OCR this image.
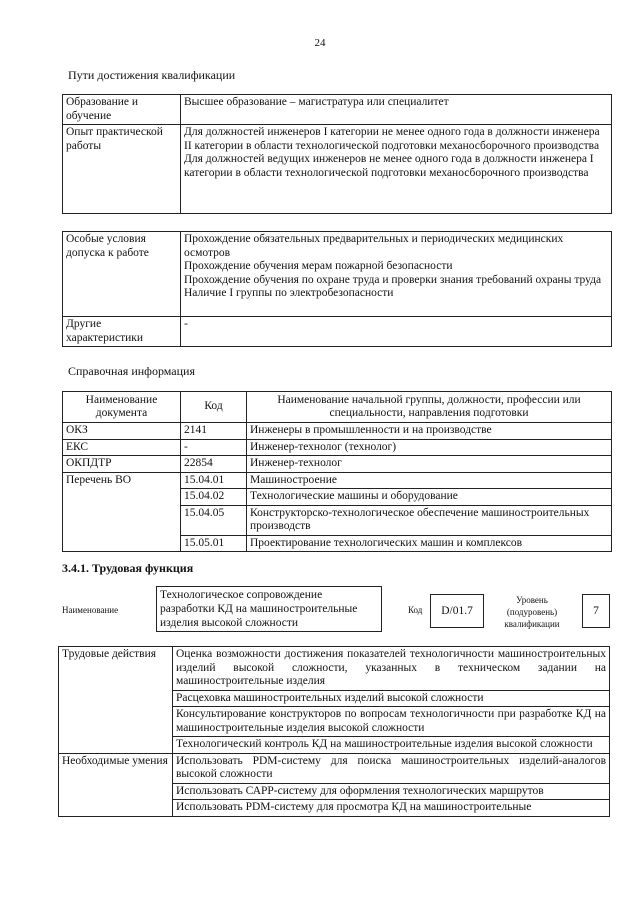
24
Пути достижения квалификации
Образование и обучение	Высшее образование – магистратура или специалитет

Опыт практической работы	Для должностей инженеров I категории не менее одного года в должности инженера II категории в области технологической подготовки механосборочного производства
Для должностей ведущих инженеров не менее одного года в должности инженера I категории в области технологической подготовки механосборочного производства
Особые условия допуска к работе	Прохождение обязательных предварительных и периодических медицинских осмотров
Прохождение обучения мерам пожарной безопасности
Прохождение обучения по охране труда и проверки знания требований охраны труда
Наличие I группы по электробезопасности

Другие характеристики	-
Справочная информация
Наименование документа	Код	Наименование начальной группы, должности, профессии или специальности, направления подготовки
ОКЗ	2141	Инженеры в промышленности и на производстве
ЕКС	-	Инженер-технолог (технолог)
ОКПДТР	22854	Инженер-технолог
Перечень ВО	15.04.01	Машиностроение
	15.04.02	Технологические машины и оборудование
	15.04.05	Конструкторско-технологическое обеспечение машиностроительных производств
	15.05.01	Проектирование технологических машин и комплексов
3.4.1. Трудовая функция
Наименование
Технологическое сопровождение разработки КД на машиностроительные изделия высокой сложности
Код	D/01.7
Уровень (подуровень) квалификации
7
Трудовые действия	Оценка возможности достижения показателей технологичности машиностроительных изделий высокой сложности, указанных в техническом задании на машиностроительные изделия
	Расцеховка машиностроительных изделий высокой сложности
	Консультирование конструкторов по вопросам технологичности при разработке КД на машиностроительные изделия высокой сложности
	Технологический контроль КД на машиностроительные изделия высокой сложности
Необходимые умения	Использовать PDM-систему для поиска машиностроительных изделий-аналогов высокой сложности
	Использовать САРР-систему для оформления технологических маршрутов
	Использовать PDM-систему для просмотра КД на машиностроительные
